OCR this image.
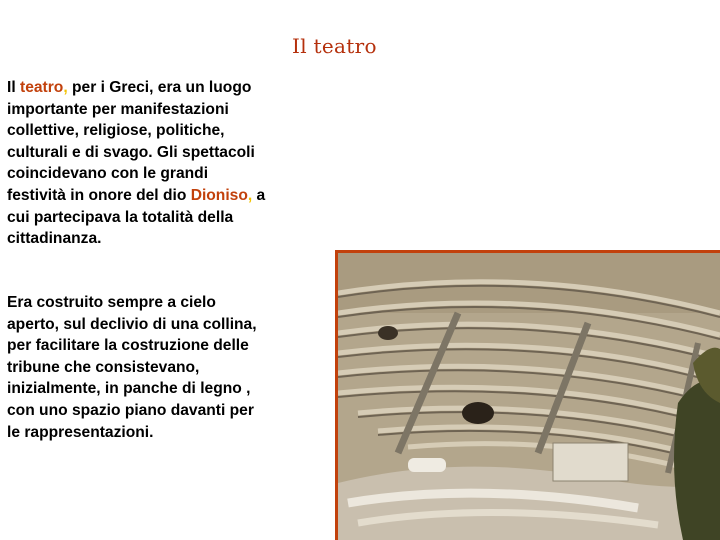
Il teatro

Il teatro, per i Greci, era un luogo importante per manifestazioni collettive, religiose, politiche, culturali e di svago. Gli spettacoli coincidevano con le grandi festività in onore del dio Dioniso, a cui partecipava la totalità della cittadinanza.

Era costruito sempre a cielo aperto, sul declivio di una collina, per facilitare la costruzione delle tribune che consistevano, inizialmente, in panche di legno , con uno spazio piano davanti per le rappresentazioni.
